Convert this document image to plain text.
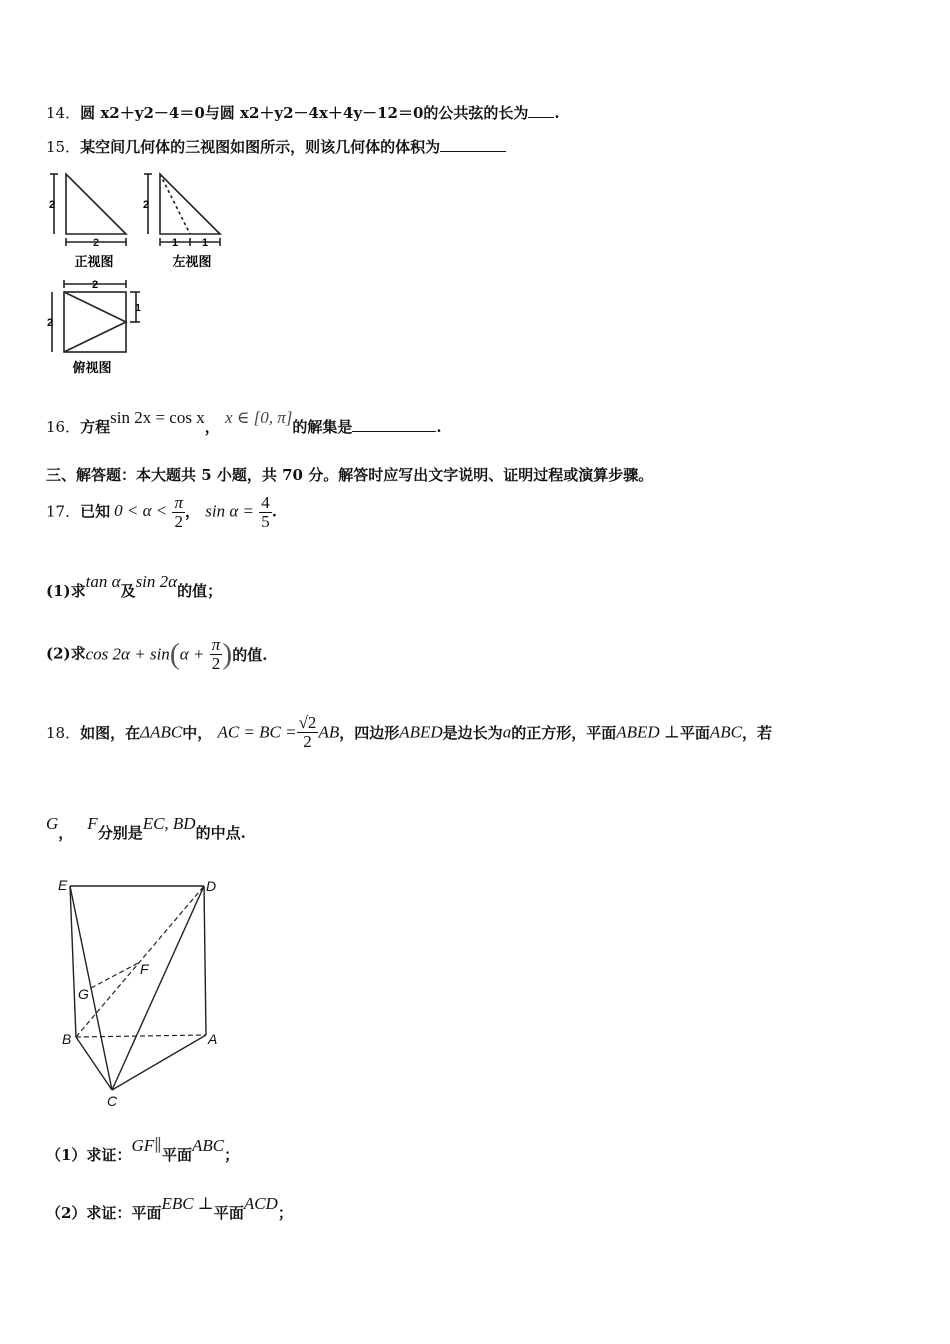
14．圆 x2＋y2－4＝0与圆 x2＋y2－4x＋4y－12＝0的公共弦的长为 .
15．某空间几何体的三视图如图所示，则该几何体的体积为
2
2
正视图
2
1 1
左视图
2
2
1
俯视图
16．方程sin 2x = cos x， x ∈ [0, π]的解集是	.
三、解答题：本大题共 5 小题，共 70 分。解答时应写出文字说明、证明过程或演算步骤。
17．已知 $0 < \alpha < \frac{\pi}{2}$ ， $\sin \alpha = \frac{4}{5}$ .
(1)求tan α及sin 2α的值；
(2)求$\cos 2\alpha + \sin(\alpha + \frac{\pi}{2}$ )的值.
18．如图，在ΔABC中， AC = BC = $\frac{√2}{2}$ AB，四边形ABED是边长为a的正方形，平面ABED ⊥平面ABC，若
G， F分别是EC, BD的中点.
E	D
F
G
B	A
C
（1）求证：GF∥平面ABC；
（2）求证：平面EBC ⊥平面ACD；
